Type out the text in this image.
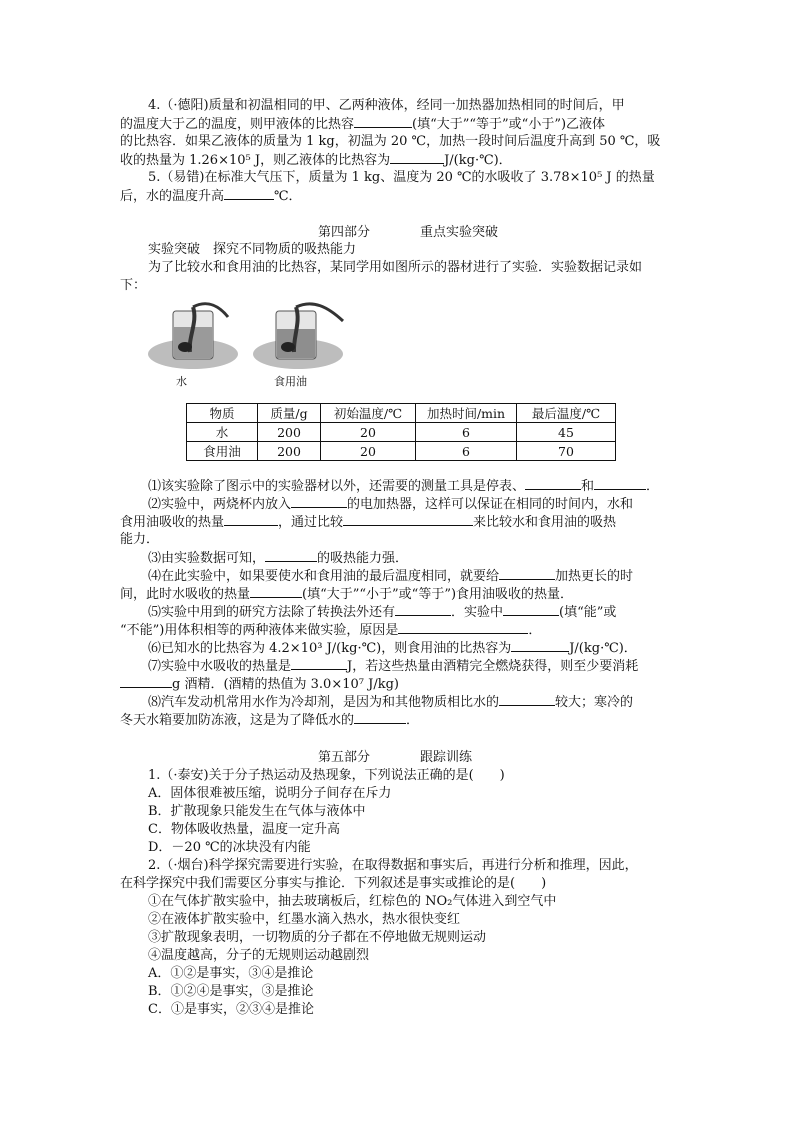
4.（·德阳)质量和初温相同的甲、乙两种液体，经同一加热器加热相同的时间后，甲
的温度大于乙的温度，则甲液体的比热容	(填“大于”“等于”或“小于”)乙液体
的比热容．如果乙液体的质量为 1 kg，初温为 20 ℃，加热一段时间后温度升高到 50 ℃，吸
收的热量为 1.26×10⁵ J，则乙液体的比热容为	J/(kg·℃)．
5.（易错)在标准大气压下，质量为 1 kg、温度为 20 ℃的水吸收了 3.78×10⁵ J 的热量
后，水的温度升高	℃．
第四部分	重点实验突破
实验突破　探究不同物质的吸热能力
为了比较水和食用油的比热容，某同学用如图所示的器材进行了实验．实验数据记录如
下：
水	食用油
物质	质量/g	初始温度/℃	加热时间/min	最后温度/℃
水	200	20	6	45
食用油	200	20	6	70
⑴该实验除了图示中的实验器材以外，还需要的测量工具是停表、	和	．
⑵实验中，两烧杯内放入	的电加热器，这样可以保证在相同的时间内，水和
食用油吸收的热量	，通过比较	来比较水和食用油的吸热
能力．
⑶由实验数据可知，	的吸热能力强．
⑷在此实验中，如果要使水和食用油的最后温度相同，就要给	加热更长的时
间，此时水吸收的热量	(填“大于”“小于”或“等于”)食用油吸收的热量．
⑸实验中用到的研究方法除了转换法外还有	．实验中	(填“能”或
“不能”)用体积相等的两种液体来做实验，原因是	．
⑹已知水的比热容为 4.2×10³ J/(kg·℃)，则食用油的比热容为	J/(kg·℃)．
⑺实验中水吸收的热量是	J，若这些热量由酒精完全燃烧获得，则至少要消耗
g 酒精．(酒精的热值为 3.0×10⁷ J/kg)
⑻汽车发动机常用水作为冷却剂，是因为和其他物质相比水的	较大；寒冷的
冬天水箱要加防冻液，这是为了降低水的	．
第五部分	跟踪训练
1.（·泰安)关于分子热运动及热现象，下列说法正确的是(　　)
A．固体很难被压缩，说明分子间存在斥力
B．扩散现象只能发生在气体与液体中
C．物体吸收热量，温度一定升高
D．－20 ℃的冰块没有内能
2.（·烟台)科学探究需要进行实验，在取得数据和事实后，再进行分析和推理，因此，
在科学探究中我们需要区分事实与推论．下列叙述是事实或推论的是(　　)
①在气体扩散实验中，抽去玻璃板后，红棕色的 NO₂气体进入到空气中
②在液体扩散实验中，红墨水滴入热水，热水很快变红
③扩散现象表明，一切物质的分子都在不停地做无规则运动
④温度越高，分子的无规则运动越剧烈
A．①②是事实，③④是推论
B．①②④是事实，③是推论
C．①是事实，②③④是推论
